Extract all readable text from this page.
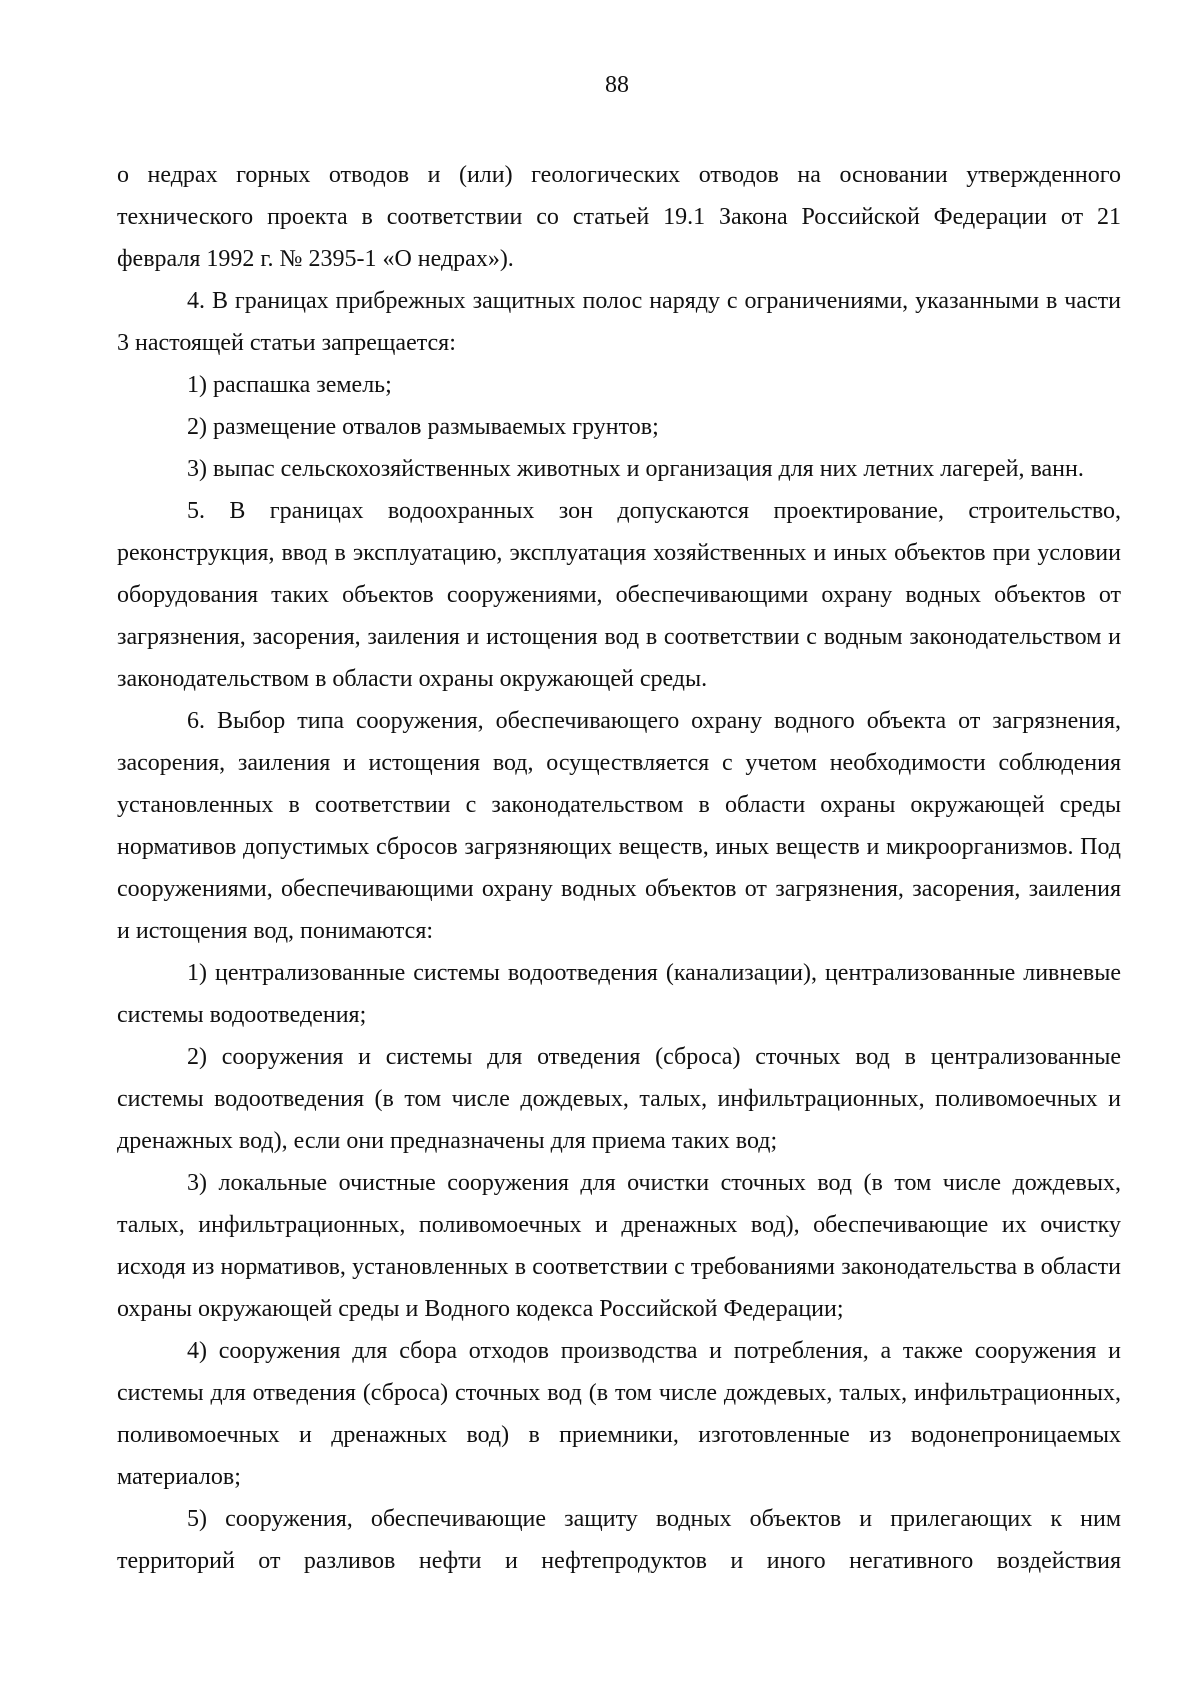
88

о недрах горных отводов и (или) геологических отводов на основании утвержденного технического проекта в соответствии со статьей 19.1 Закона Российской Федерации от 21 февраля 1992 г. № 2395-1 «О недрах»).

4. В границах прибрежных защитных полос наряду с ограничениями, указанными в части 3 настоящей статьи запрещается:

1) распашка земель;

2) размещение отвалов размываемых грунтов;

3) выпас сельскохозяйственных животных и организация для них летних лагерей, ванн.

5. В границах водоохранных зон допускаются проектирование, строительство, реконструкция, ввод в эксплуатацию, эксплуатация хозяйственных и иных объектов при условии оборудования таких объектов сооружениями, обеспечивающими охрану водных объектов от загрязнения, засорения, заиления и истощения вод в соответствии с водным законодательством и законодательством в области охраны окружающей среды.

6. Выбор типа сооружения, обеспечивающего охрану водного объекта от загрязнения, засорения, заиления и истощения вод, осуществляется с учетом необходимости соблюдения установленных в соответствии с законодательством в области охраны окружающей среды нормативов допустимых сбросов загрязняющих веществ, иных веществ и микроорганизмов. Под сооружениями, обеспечивающими охрану водных объектов от загрязнения, засорения, заиления и истощения вод, понимаются:

1) централизованные системы водоотведения (канализации), централизованные ливневые системы водоотведения;

2) сооружения и системы для отведения (сброса) сточных вод в централизованные системы водоотведения (в том числе дождевых, талых, инфильтрационных, поливомоечных и дренажных вод), если они предназначены для приема таких вод;

3) локальные очистные сооружения для очистки сточных вод (в том числе дождевых, талых, инфильтрационных, поливомоечных и дренажных вод), обеспечивающие их очистку исходя из нормативов, установленных в соответствии с требованиями законодательства в области охраны окружающей среды и Водного кодекса Российской Федерации;

4) сооружения для сбора отходов производства и потребления, а также сооружения и системы для отведения (сброса) сточных вод (в том числе дождевых, талых, инфильтрационных, поливомоечных и дренажных вод) в приемники, изготовленные из водонепроницаемых материалов;

5) сооружения, обеспечивающие защиту водных объектов и прилегающих к ним территорий от разливов нефти и нефтепродуктов и иного негативного воздействия
